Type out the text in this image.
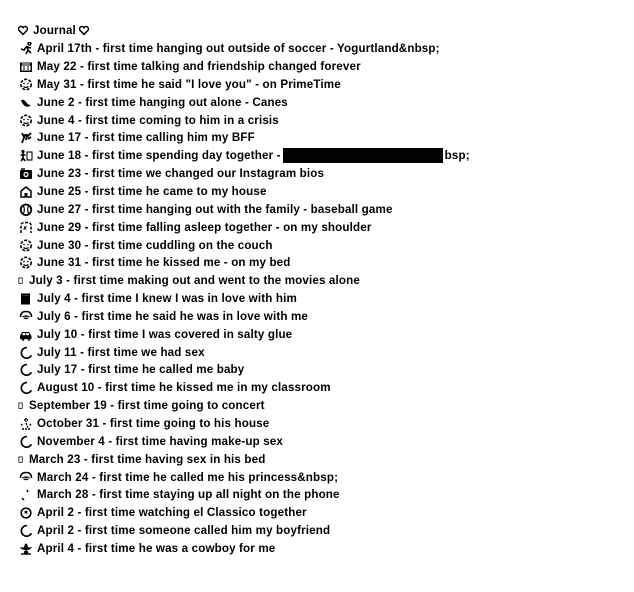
Journal
April 17th - first time hanging out outside of soccer - Yogurtland&nbsp;
May 22 - first time talking and friendship changed forever
May 31 - first time he said "I love you" - on PrimeTime
June 2 - first time hanging out alone - Canes
June 4 - first time coming to him in a crisis
June 17 - first time calling him my BFF
June 18 - first time spending day together -	bsp;
June 23 - first time we changed our Instagram bios
June 25 - first time he came to my house
June 27 - first time hanging out with the family - baseball game
June 29 - first time falling asleep together - on my shoulder
June 30 - first time cuddling on the couch
June 31 - first time he kissed me - on my bed
July 3 - first time making out and went to the movies alone
July 4 - first time I knew I was in love with him
July 6 - first time he said he was in love with me
July 10 - first time I was covered in salty glue
July 11 - first time we had sex
July 17 - first time he called me baby
August 10 - first time he kissed me in my classroom
September 19 - first time going to concert
October 31 - first time going to his house
November 4 - first time having make-up sex
March 23 - first time having sex in his bed
March 24 - first time he called me his princess&nbsp;
March 28 - first time staying up all night on the phone
April 2 - first time watching el Classico together
April 2 - first time someone called him my boyfriend
April 4 - first time he was a cowboy for me
